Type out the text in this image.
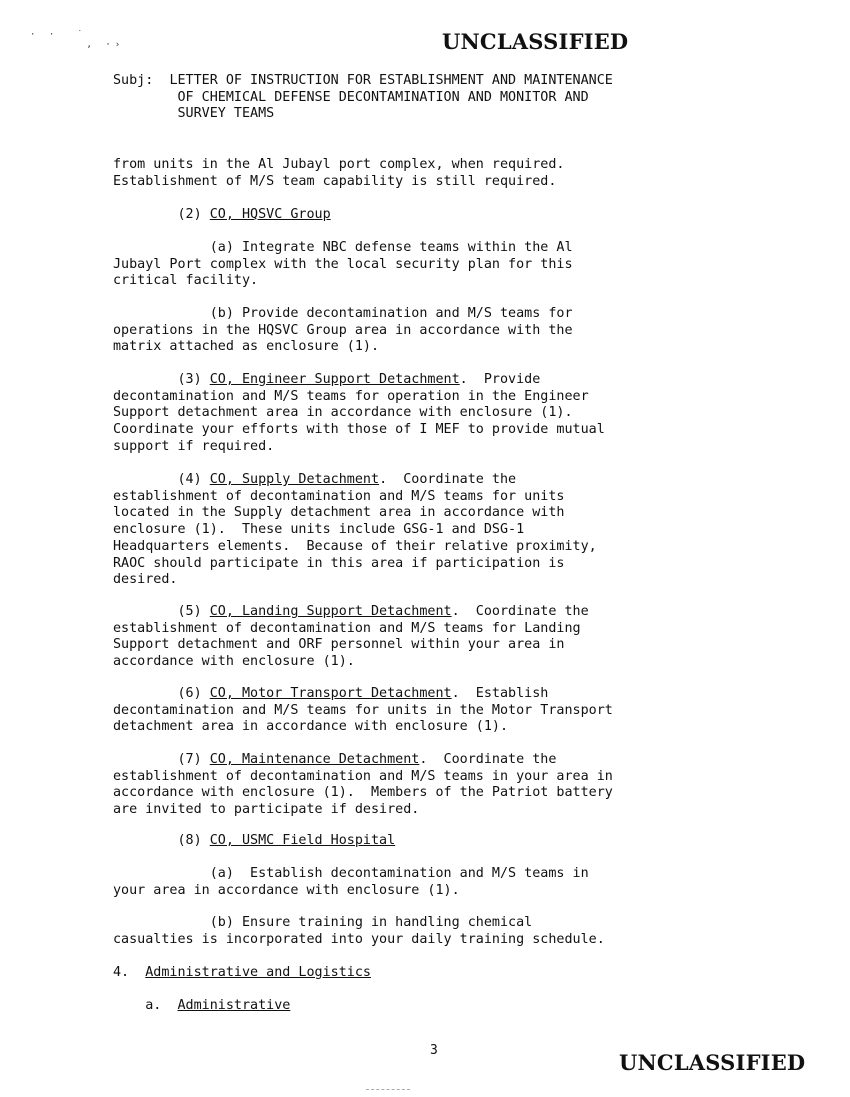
· ·  ˙
‚ ·›	UNCLASSIFIED
Subj: LETTER OF INSTRUCTION FOR ESTABLISHMENT AND MAINTENANCE
OF CHEMICAL DEFENSE DECONTAMINATION AND MONITOR AND
SURVEY TEAMS
from units in the Al Jubayl port complex, when required.
Establishment of M/S team capability is still required.
(2) CO, HQSVC Group
(a) Integrate NBC defense teams within the Al
Jubayl Port complex with the local security plan for this
critical facility.
(b) Provide decontamination and M/S teams for
operations in the HQSVC Group area in accordance with the
matrix attached as enclosure (1).
(3) CO, Engineer Support Detachment.  Provide
decontamination and M/S teams for operation in the Engineer
Support detachment area in accordance with enclosure (1).
Coordinate your efforts with those of I MEF to provide mutual
support if required.
(4) CO, Supply Detachment.  Coordinate the
establishment of decontamination and M/S teams for units
located in the Supply detachment area in accordance with
enclosure (1).  These units include GSG-1 and DSG-1
Headquarters elements.  Because of their relative proximity,
RAOC should participate in this area if participation is
desired.
(5) CO, Landing Support Detachment.  Coordinate the
establishment of decontamination and M/S teams for Landing
Support detachment and ORF personnel within your area in
accordance with enclosure (1).
(6) CO, Motor Transport Detachment.  Establish
decontamination and M/S teams for units in the Motor Transport
detachment area in accordance with enclosure (1).
(7) CO, Maintenance Detachment.  Coordinate the
establishment of decontamination and M/S teams in your area in
accordance with enclosure (1).  Members of the Patriot battery
are invited to participate if desired.
(8) CO, USMC Field Hospital
(a)  Establish decontamination and M/S teams in
your area in accordance with enclosure (1).
(b) Ensure training in handling chemical
casualties is incorporated into your daily training schedule.
4. Administrative and Logistics
a. Administrative
3	UNCLASSIFIED
